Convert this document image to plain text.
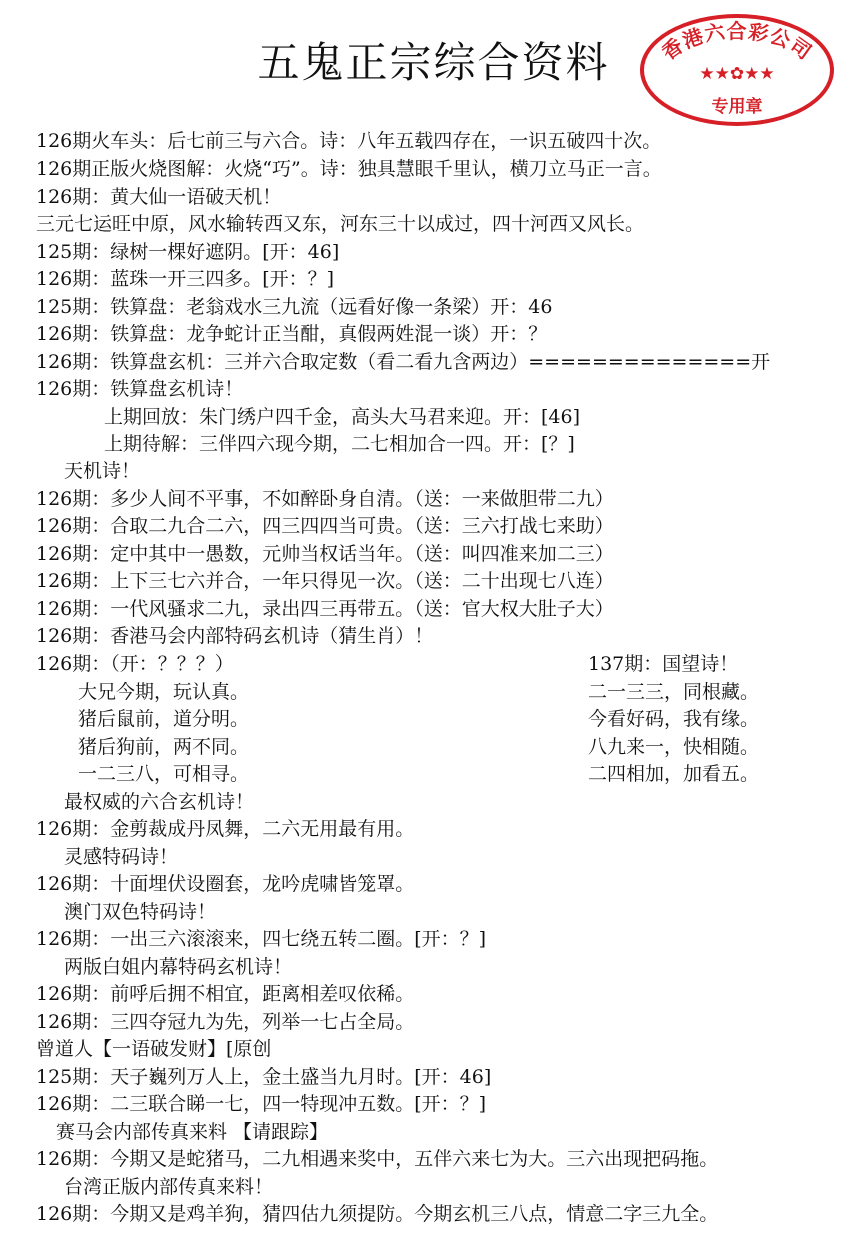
五鬼正宗综合资料	香港六合彩公司
★★✿★★
专用章
126期火车头：后七前三与六合。诗：八年五载四存在，一识五破四十次。
126期正版火烧图解：火烧“巧”。诗：独具慧眼千里认，横刀立马正一言。
126期：黄大仙一语破天机！
三元七运旺中原，风水输转西又东，河东三十以成过，四十河西又风长。
125期：绿树一棵好遮阴。[开：46]
126期：蓝珠一开三四多。[开：？]
125期：铁算盘：老翁戏水三九流（远看好像一条梁）开：46
126期：铁算盘：龙争蛇计正当酣，真假两姓混一谈）开：？
126期：铁算盘玄机：三并六合取定数（看二看九含两边）==============开
126期：铁算盘玄机诗！
上期回放：朱门绣户四千金，高头大马君来迎。开：[46]
上期待解：三伴四六现今期，二七相加合一四。开：[？]
天机诗！
126期：多少人间不平事，不如醉卧身自清。（送：一来做胆带二九）
126期：合取二九合二六，四三四四当可贵。（送：三六打战七来助）
126期：定中其中一愚数，元帅当权话当年。（送：叫四准来加二三）
126期：上下三七六并合，一年只得见一次。（送：二十出现七八连）
126期：一代风骚求二九，录出四三再带五。（送：官大权大肚子大）
126期：香港马会内部特码玄机诗（猜生肖）！
126期：（开：？？？）
大兄今期，玩认真。
猪后鼠前，道分明。
猪后狗前，两不同。
一二三八，可相寻。
最权威的六合玄机诗！
126期：金剪裁成丹凤舞，二六无用最有用。
灵感特码诗！
126期：十面埋伏设圈套，龙吟虎啸皆笼罩。
澳门双色特码诗！
126期：一出三六滚滚来，四七绕五转二圈。[开：？]
两版白姐内幕特码玄机诗！
126期：前呼后拥不相宜，距离相差叹依稀。
126期：三四夺冠九为先，列举一七占全局。
曾道人【一语破发财】[原创
125期：天子巍列万人上，金土盛当九月时。[开：46]
126期：二三联合睇一七，四一特现冲五数。[开：？]
赛马会内部传真来料 【请跟踪】
126期：今期又是蛇猪马，二九相遇来奖中，五伴六来七为大。三六出现把码拖。
台湾正版内部传真来料！
126期：今期又是鸡羊狗，猜四估九须提防。今期玄机三八点，情意二字三九全。
137期：国望诗！
二一三三，同根藏。
今看好码，我有缘。
八九来一，快相随。
二四相加，加看五。
